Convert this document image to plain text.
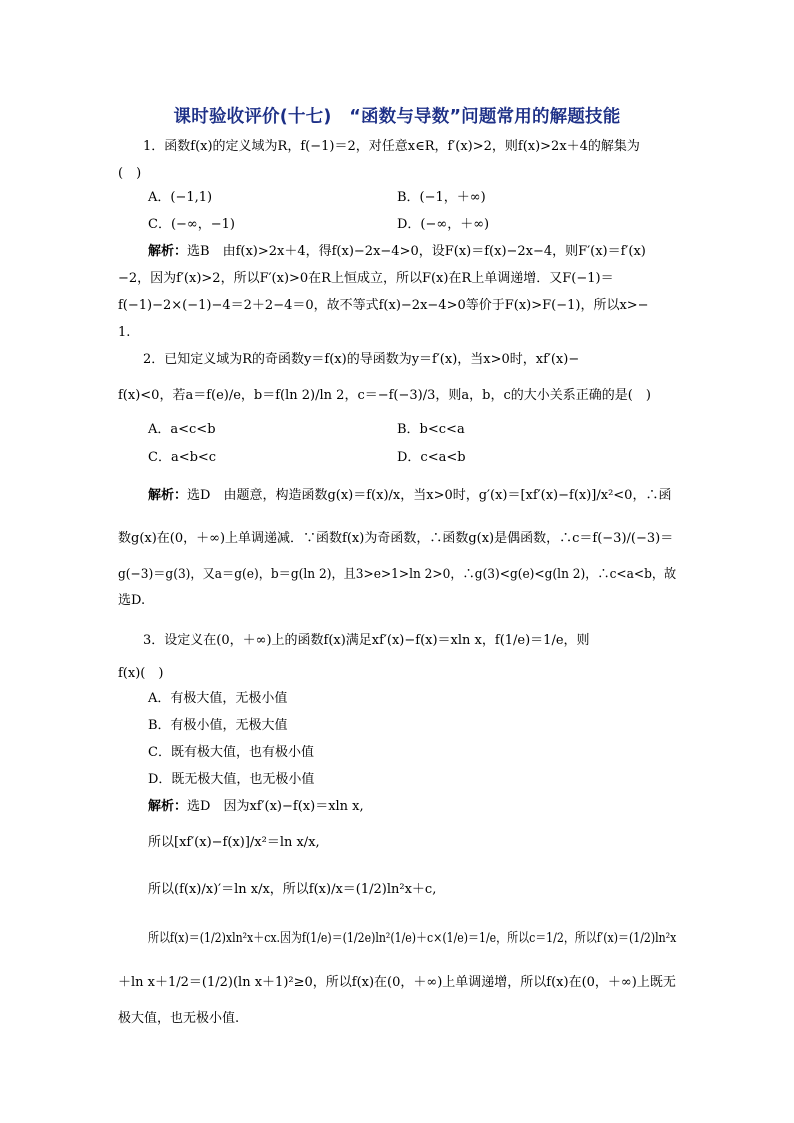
课时验收评价(十七)　“函数与导数”问题常用的解题技能
1．函数f(x)的定义域为R，f(−1)＝2，对任意x∈R，f′(x)>2，则f(x)>2x＋4的解集为
(　)
A．(−1,1)	B．(−1，＋∞)
C．(−∞，−1)	D．(−∞，＋∞)
解析：选B　由f(x)>2x＋4，得f(x)−2x−4>0，设F(x)＝f(x)−2x−4，则F′(x)＝f′(x)
−2，因为f′(x)>2，所以F′(x)>0在R上恒成立，所以F(x)在R上单调递增．又F(−1)＝
f(−1)−2×(−1)−4＝2＋2−4＝0，故不等式f(x)−2x−4>0等价于F(x)>F(−1)，所以x>−
1.
2．已知定义域为R的奇函数y＝f(x)的导函数为y＝f′(x)，当x>0时，xf′(x)−
f(x)<0，若a＝f(e)/e，b＝f(ln 2)/ln 2，c＝−f(−3)/3，则a，b，c的大小关系正确的是(　)
A．a<c<b	B．b<c<a
C．a<b<c	D．c<a<b
解析：选D　由题意，构造函数g(x)＝f(x)/x，当x>0时，g′(x)＝[xf′(x)−f(x)]/x²<0，∴函
数g(x)在(0，＋∞)上单调递减．∵函数f(x)为奇函数，∴函数g(x)是偶函数，∴c＝f(−3)/(−3)＝
g(−3)＝g(3)，又a＝g(e)，b＝g(ln 2)，且3>e>1>ln 2>0，∴g(3)<g(e)<g(ln 2)，∴c<a<b，故
选D.
3．设定义在(0，＋∞)上的函数f(x)满足xf′(x)−f(x)＝xln x，f(1/e)＝1/e，则
f(x)(　)
A．有极大值，无极小值
B．有极小值，无极大值
C．既有极大值，也有极小值
D．既无极大值，也无极小值
解析：选D　因为xf′(x)−f(x)＝xln x,
所以[xf′(x)−f(x)]/x²＝ln x/x,
所以(f(x)/x)′＝ln x/x，所以f(x)/x＝(1/2)ln²x＋c,
所以f(x)＝(1/2)xln²x＋cx.因为f(1/e)＝(1/2e)ln²(1/e)＋c×(1/e)＝1/e，所以c＝1/2，所以f′(x)＝(1/2)ln²x
＋ln x＋1/2＝(1/2)(ln x＋1)²≥0，所以f(x)在(0，＋∞)上单调递增，所以f(x)在(0，＋∞)上既无
极大值，也无极小值.
